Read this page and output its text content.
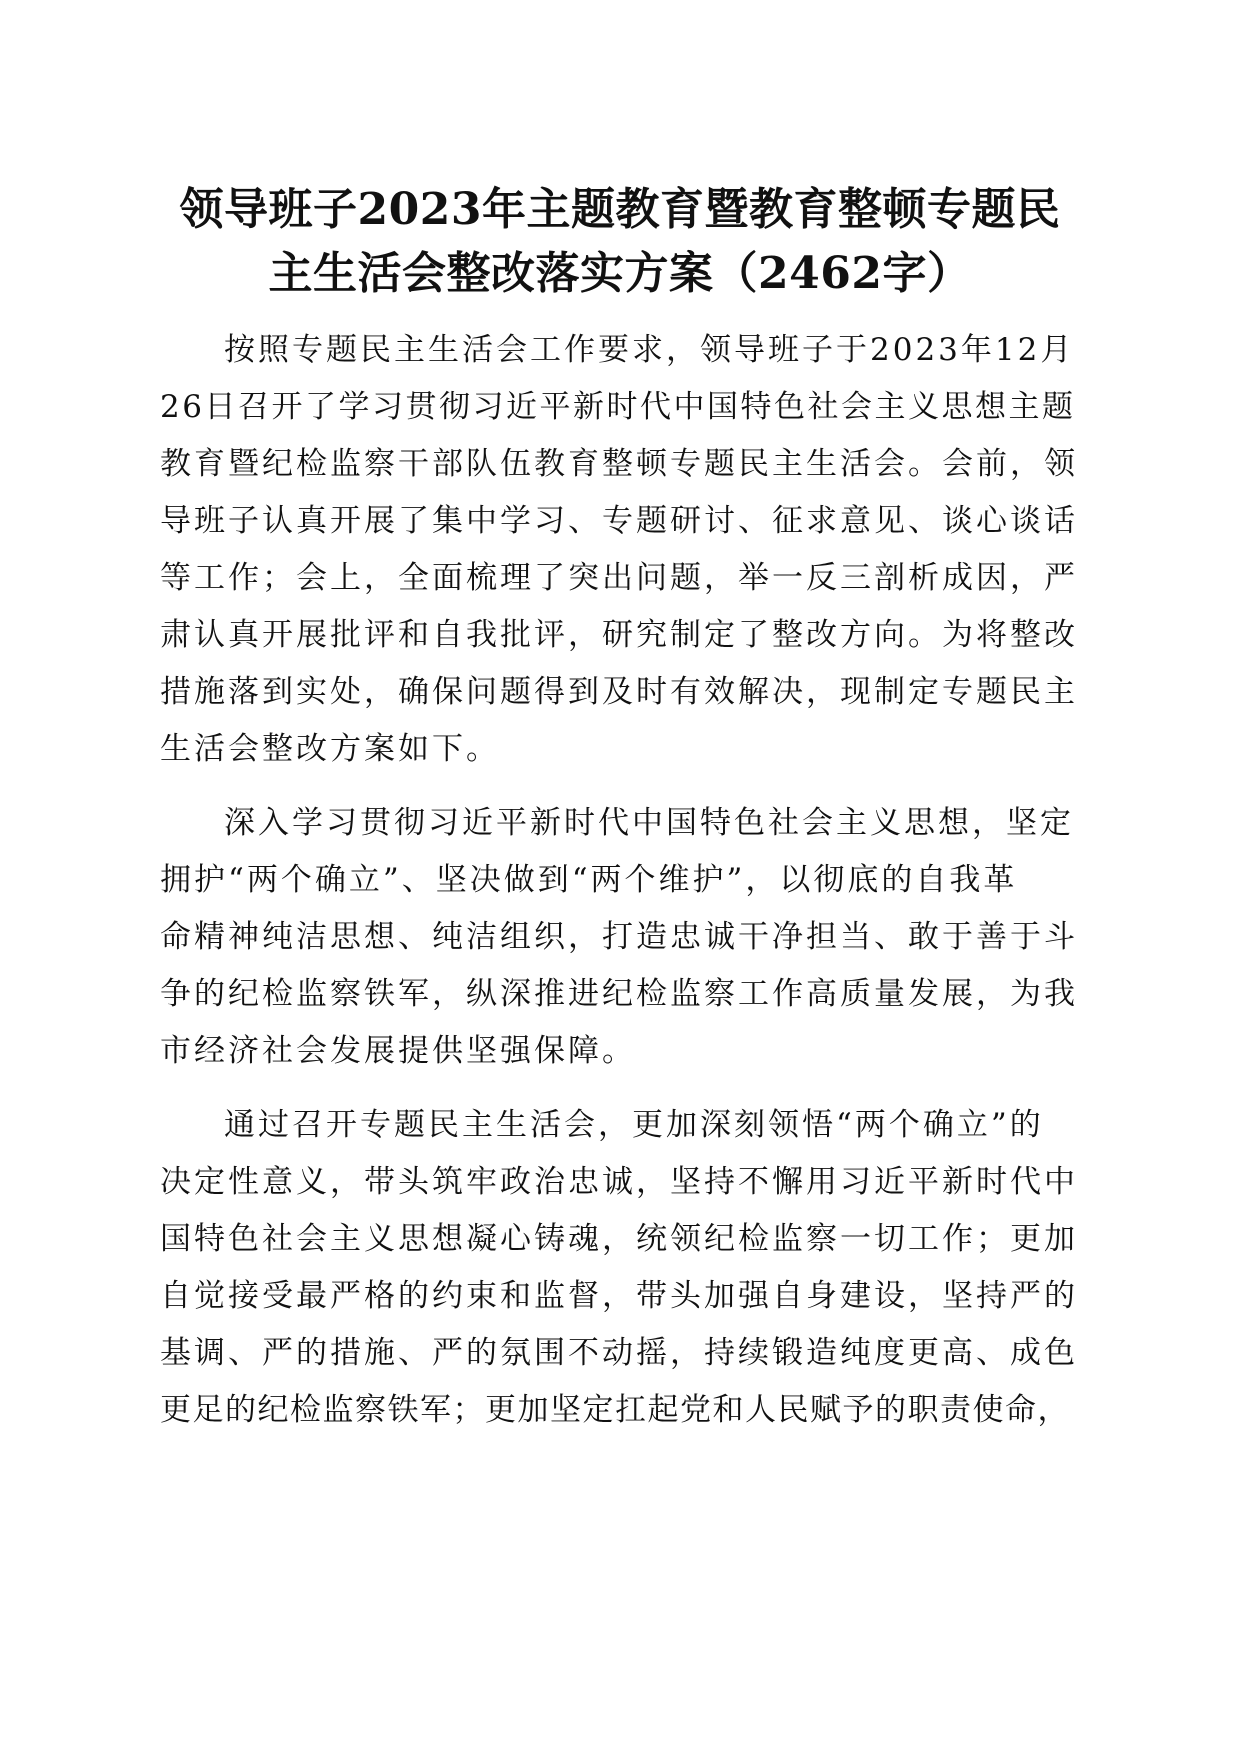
领导班子2023年主题教育暨教育整顿专题民
主生活会整改落实方案（2462字）
按照专题民主生活会工作要求，领导班子于2023年12月
26日召开了学习贯彻习近平新时代中国特色社会主义思想主题
教育暨纪检监察干部队伍教育整顿专题民主生活会。会前，领
导班子认真开展了集中学习、专题研讨、征求意见、谈心谈话
等工作；会上，全面梳理了突出问题，举一反三剖析成因，严
肃认真开展批评和自我批评，研究制定了整改方向。为将整改
措施落到实处，确保问题得到及时有效解决，现制定专题民主
生活会整改方案如下。
深入学习贯彻习近平新时代中国特色社会主义思想，坚定
拥护“两个确立”、坚决做到“两个维护”，以彻底的自我革
命精神纯洁思想、纯洁组织，打造忠诚干净担当、敢于善于斗
争的纪检监察铁军，纵深推进纪检监察工作高质量发展，为我
市经济社会发展提供坚强保障。
通过召开专题民主生活会，更加深刻领悟“两个确立”的
决定性意义，带头筑牢政治忠诚，坚持不懈用习近平新时代中
国特色社会主义思想凝心铸魂，统领纪检监察一切工作；更加
自觉接受最严格的约束和监督，带头加强自身建设，坚持严的
基调、严的措施、严的氛围不动摇，持续锻造纯度更高、成色
更足的纪检监察铁军；更加坚定扛起党和人民赋予的职责使命，
